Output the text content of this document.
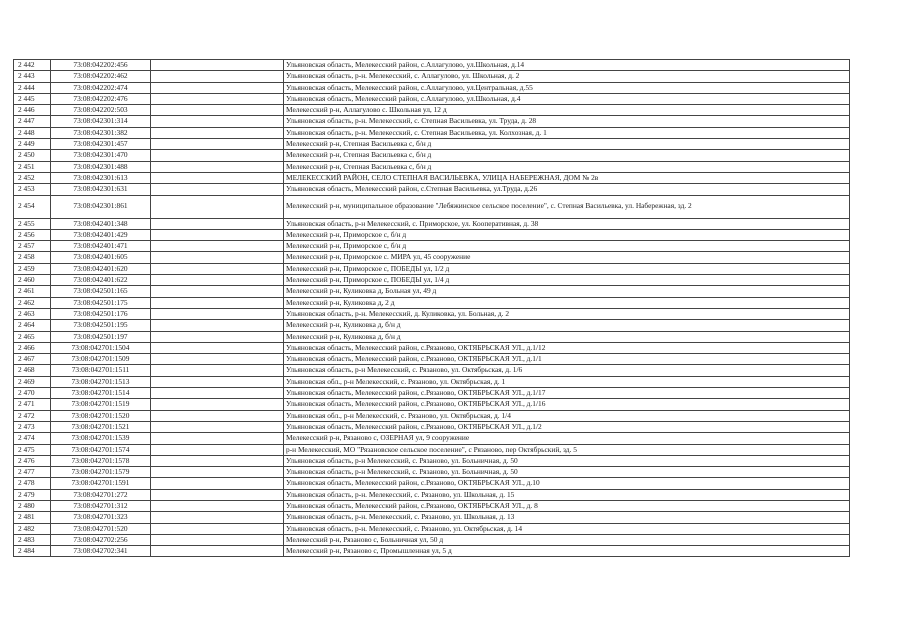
2 442	73:08:042202:456		Ульяновская область, Мелекесский район, с.Аллагулово, ул.Школьная, д.14
2 443	73:08:042202:462		Ульяновская область, р-н. Мелекесский, с. Аллагулово, ул. Школьная, д. 2
2 444	73:08:042202:474		Ульяновская область, Мелекесский район, с.Аллагулово, ул.Центральная, д.55
2 445	73:08:042202:476		Ульяновская область, Мелекесский район, с.Аллагулово, ул.Школьная, д.4
2 446	73:08:042202:503		Мелекесский р-н, Аллагулово с. Школьная ул, 12 д
2 447	73:08:042301:314		Ульяновская область, р-н. Мелекесский, с. Степная Васильевка, ул. Труда, д. 28
2 448	73:08:042301:382		Ульяновская область, р-н. Мелекесский, с. Степная Васильевка, ул. Колхозная, д. 1
2 449	73:08:042301:457		Мелекесский р-н, Степная Васильевка с, б/н д
2 450	73:08:042301:470		Мелекесский р-н, Степная Васильевка с, б/н д
2 451	73:08:042301:488		Мелекесский р-н, Степная Васильевка с, б/н д
2 452	73:08:042301:613		МЕЛЕКЕССКИЙ РАЙОН, СЕЛО СТЕПНАЯ ВАСИЛЬЕВКА, УЛИЦА НАБЕРЕЖНАЯ, ДОМ № 2в
2 453	73:08:042301:631		Ульяновская область, Мелекесский район, с.Степная Васильевка, ул.Труда, д.26
2 454	73:08:042301:861		Мелекесский р-н, муниципальное образование "Лебяжинское сельское поселение", с. Степная Васильевка, ул. Набережная, зд. 2
2 455	73:08:042401:348		Ульяновская область, р-н Мелекесский, с. Приморское, ул. Кооперативная, д. 38
2 456	73:08:042401:429		Мелекесский р-н, Приморское с, б/н д
2 457	73:08:042401:471		Мелекесский р-н, Приморское с, б/н д
2 458	73:08:042401:605		Мелекесский р-н, Приморское с. МИРА ул, 45 сооружение
2 459	73:08:042401:620		Мелекесский р-н, Приморское с, ПОБЕДЫ ул, 1/2 д
2 460	73:08:042401:622		Мелекесский р-н, Приморское с, ПОБЕДЫ ул, 1/4 д
2 461	73:08:042501:165		Мелекесский р-н, Куликовка д, Больная ул, 49 д
2 462	73:08:042501:175		Мелекесский р-н, Куликовка д, 2 д
2 463	73:08:042501:176		Ульяновская область, р-н. Мелекесский, д. Куликовка, ул. Больная, д. 2
2 464	73:08:042501:195		Мелекесский р-н, Куликовка д, б/н д
2 465	73:08:042501:197		Мелекесский р-н, Куликовка д, б/н д
2 466	73:08:042701:1504		Ульяновская область, Мелекесский район, с.Рязаново, ОКТЯБРЬСКАЯ УЛ., д.1/12
2 467	73:08:042701:1509		Ульяновская область, Мелекесский район, с.Рязаново, ОКТЯБРЬСКАЯ УЛ., д.1/1
2 468	73:08:042701:1511		Ульяновская область, р-н Мелекесский, с. Рязаново, ул. Октябрьская, д. 1/6
2 469	73:08:042701:1513		Ульяновская обл., р-н Мелекесский, с. Рязаново, ул. Октябрьская, д. 1
2 470	73:08:042701:1514		Ульяновская область, Мелекесский район, с.Рязаново, ОКТЯБРЬСКАЯ УЛ., д.1/17
2 471	73:08:042701:1519		Ульяновская область, Мелекесский район, с.Рязаново, ОКТЯБРЬСКАЯ УЛ., д.1/16
2 472	73:08:042701:1520		Ульяновская обл., р-н Мелекесский, с. Рязаново, ул. Октябрьская, д. 1/4
2 473	73:08:042701:1521		Ульяновская область, Мелекесский район, с.Рязаново, ОКТЯБРЬСКАЯ УЛ., д.1/2
2 474	73:08:042701:1539		Мелекесский р-н, Рязаново с, ОЗЕРНАЯ ул, 9 сооружение
2 475	73:08:042701:1574		р-н Мелекесский, МО "Рязановское сельское поселение", с Рязаново, пер Октябрьский, зд. 5
2 476	73:08:042701:1578		Ульяновская область, р-н Мелекесский, с. Рязаново, ул. Больничная, д. 50
2 477	73:08:042701:1579		Ульяновская область, р-н Мелекесский, с. Рязаново, ул. Больничная, д. 50
2 478	73:08:042701:1591		Ульяновская область, Мелекесский район, с.Рязаново, ОКТЯБРЬСКАЯ УЛ., д.10
2 479	73:08:042701:272		Ульяновская область, р-н. Мелекесский, с. Рязаново, ул. Школьная, д. 15
2 480	73:08:042701:312		Ульяновская область, Мелекесский район, с.Рязаново, ОКТЯБРЬСКАЯ УЛ., д. 8
2 481	73:08:042701:323		Ульяновская область, р-н. Мелекесский, с. Рязаново, ул. Школьная, д. 13
2 482	73:08:042701:520		Ульяновская область, р-н. Мелекесский, с. Рязаново, ул. Октябрьская, д. 14
2 483	73:08:042702:256		Мелекесский р-н, Рязаново с, Больничная ул, 50 д
2 484	73:08:042702:341		Мелекесский р-н, Рязаново с, Промышленная ул, 5 д
